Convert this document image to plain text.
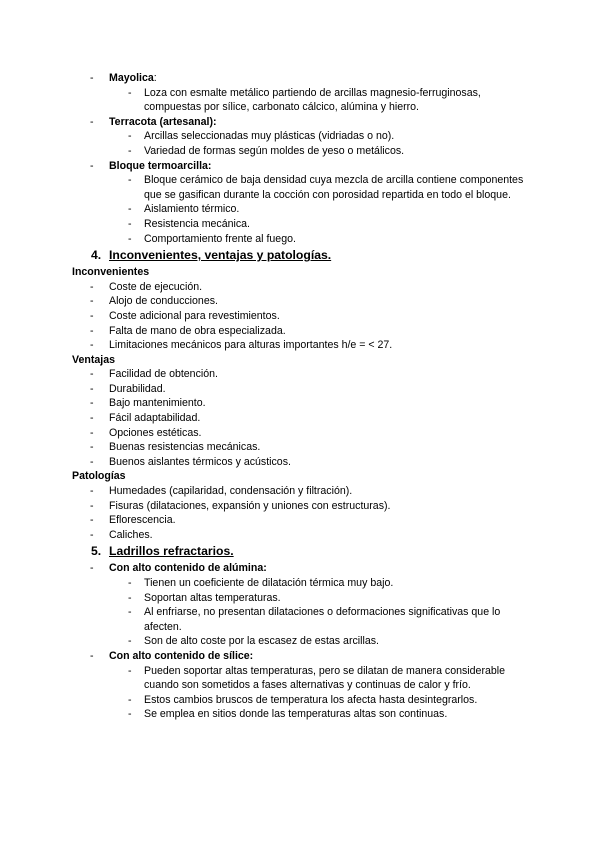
- Mayolica:
- Loza con esmalte metálico partiendo de arcillas magnesio-ferruginosas,
compuestas por sílice, carbonato cálcico, alúmina y hierro.
- Terracota (artesanal):
- Arcillas seleccionadas muy plásticas (vidriadas o no).
- Variedad de formas según moldes de yeso o metálicos.
- Bloque termoarcilla:
- Bloque cerámico de baja densidad cuya mezcla de arcilla contiene componentes que se gasifican durante la cocción con porosidad repartida en todo el bloque.
- Aislamiento térmico.
- Resistencia mecánica.
- Comportamiento frente al fuego.
4. Inconvenientes, ventajas y patologías.
Inconvenientes
- Coste de ejecución.
- Alojo de conducciones.
- Coste adicional para revestimientos.
- Falta de mano de obra especializada.
- Limitaciones mecánicos para alturas importantes h/e = < 27.
Ventajas
- Facilidad de obtención.
- Durabilidad.
- Bajo mantenimiento.
- Fácil adaptabilidad.
- Opciones estéticas.
- Buenas resistencias mecánicas.
- Buenos aislantes térmicos y acústicos.
Patologías
- Humedades (capilaridad, condensación y filtración).
- Fisuras (dilataciones, expansión y uniones con estructuras).
- Eflorescencia.
- Caliches.
5. Ladrillos refractarios.
- Con alto contenido de alúmina:
- Tienen un coeficiente de dilatación térmica muy bajo.
- Soportan altas temperaturas.
- Al enfriarse, no presentan dilataciones o deformaciones significativas que lo afecten.
- Son de alto coste por la escasez de estas arcillas.
- Con alto contenido de sílice:
- Pueden soportar altas temperaturas, pero se dilatan de manera considerable cuando son sometidos a fases alternativas y continuas de calor y frío.
- Estos cambios bruscos de temperatura los afecta hasta desintegrarlos.
- Se emplea en sitios donde las temperaturas altas son continuas.
